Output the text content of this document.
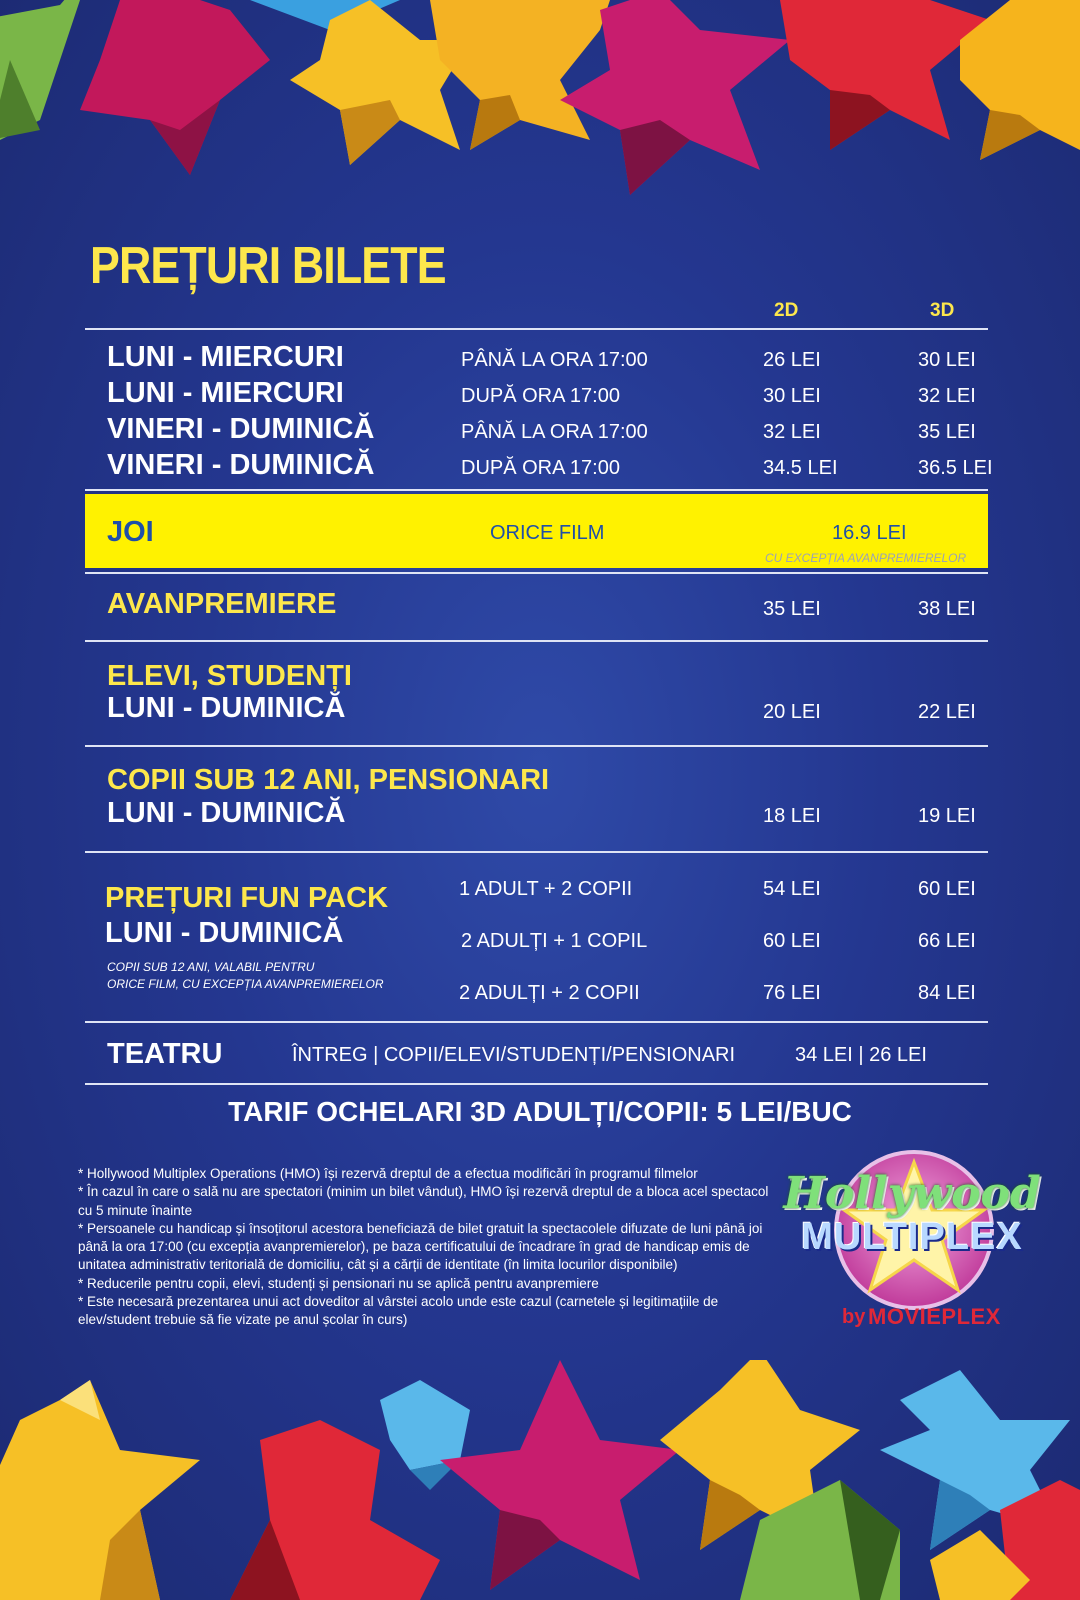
PREȚURI BILETE
2D	3D
LUNI - MIERCURI	PÂNĂ LA ORA 17:00	26 LEI	30 LEI
LUNI - MIERCURI	DUPĂ ORA 17:00	30 LEI	32 LEI
VINERI - DUMINICĂ	PÂNĂ LA ORA 17:00	32 LEI	35 LEI
VINERI - DUMINICĂ	DUPĂ ORA 17:00	34.5 LEI	36.5 LEI
JOI	ORICE FILM	16.9 LEI
CU EXCEPȚIA AVANPREMIERELOR
AVANPREMIERE	35 LEI	38 LEI
ELEVI, STUDENȚI
LUNI - DUMINICĂ	20 LEI	22 LEI
COPII SUB 12 ANI, PENSIONARI
LUNI - DUMINICĂ	18 LEI	19 LEI
PREȚURI FUN PACK
LUNI - DUMINICĂ
COPII SUB 12 ANI, VALABIL PENTRU
ORICE FILM, CU EXCEPȚIA AVANPREMIERELOR
1 ADULT + 2 COPII	54 LEI	60 LEI
2 ADULȚI + 1 COPIL	60 LEI	66 LEI
2 ADULȚI + 2 COPII	76 LEI	84 LEI
TEATRU	ÎNTREG | COPII/ELEVI/STUDENȚI/PENSIONARI	34 LEI | 26 LEI
TARIF OCHELARI 3D ADULȚI/COPII: 5 LEI/BUC
* Hollywood Multiplex Operations (HMO) își rezervă dreptul de a efectua modificări în programul filmelor
* În cazul în care o sală nu are spectatori (minim un bilet vândut), HMO își rezervă dreptul de a bloca acel spectacol cu 5 minute înainte
* Persoanele cu handicap și însoțitorul acestora beneficiază de bilet gratuit la spectacolele difuzate de luni până joi până la ora 17:00 (cu excepția avanpremierelor), pe baza certificatului de încadrare în grad de handicap emis de unitatea administrativ teritorială de domiciliu, cât și a cărții de identitate (în limita locurilor disponibile)
* Reducerile pentru copii, elevi, studenți și pensionari nu se aplică pentru avanpremiere
* Este necesară prezentarea unui act doveditor al vârstei acolo unde este cazul (carnetele și legitimațiile de elev/student trebuie să fie vizate pe anul școlar în curs)
Hollywood
MULTIPLEX
by MOVIEPLEX
